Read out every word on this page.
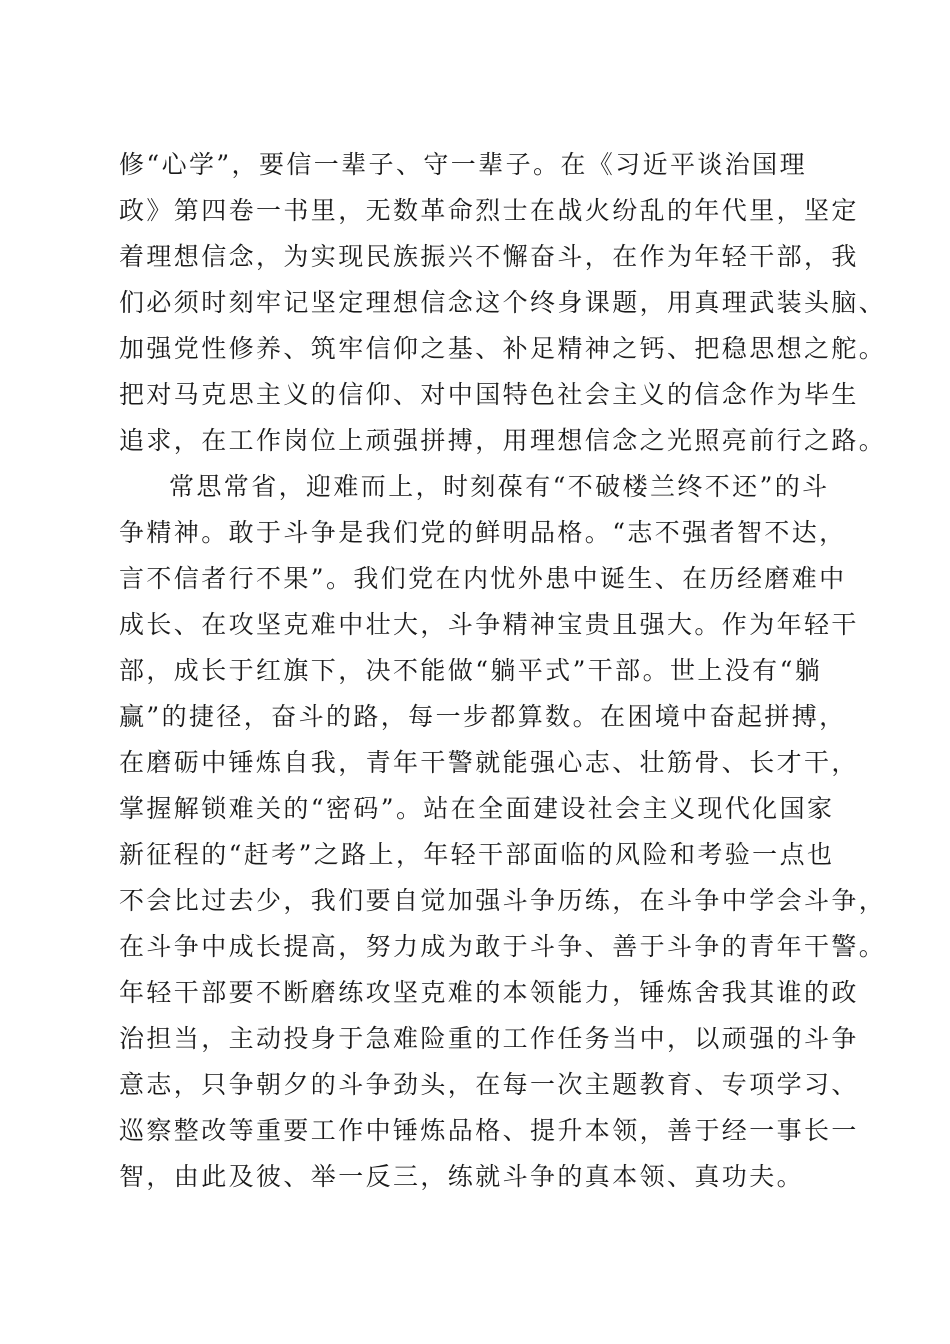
修“心学”，要信一辈子、守一辈子。在《习近平谈治国理
政》第四卷一书里，无数革命烈士在战火纷乱的年代里，坚定
着理想信念，为实现民族振兴不懈奋斗，在作为年轻干部，我
们必须时刻牢记坚定理想信念这个终身课题，用真理武装头脑、
加强党性修养、筑牢信仰之基、补足精神之钙、把稳思想之舵。
把对马克思主义的信仰、对中国特色社会主义的信念作为毕生
追求，在工作岗位上顽强拼搏，用理想信念之光照亮前行之路。
常思常省，迎难而上，时刻葆有“不破楼兰终不还”的斗
争精神。敢于斗争是我们党的鲜明品格。“志不强者智不达，
言不信者行不果”。我们党在内忧外患中诞生、在历经磨难中
成长、在攻坚克难中壮大，斗争精神宝贵且强大。作为年轻干
部，成长于红旗下，决不能做“躺平式”干部。世上没有“躺
赢”的捷径，奋斗的路，每一步都算数。在困境中奋起拼搏，
在磨砺中锤炼自我，青年干警就能强心志、壮筋骨、长才干，
掌握解锁难关的“密码”。站在全面建设社会主义现代化国家
新征程的“赶考”之路上，年轻干部面临的风险和考验一点也
不会比过去少，我们要自觉加强斗争历练，在斗争中学会斗争，
在斗争中成长提高，努力成为敢于斗争、善于斗争的青年干警。
年轻干部要不断磨练攻坚克难的本领能力，锤炼舍我其谁的政
治担当，主动投身于急难险重的工作任务当中，以顽强的斗争
意志，只争朝夕的斗争劲头，在每一次主题教育、专项学习、
巡察整改等重要工作中锤炼品格、提升本领，善于经一事长一
智，由此及彼、举一反三，练就斗争的真本领、真功夫。
